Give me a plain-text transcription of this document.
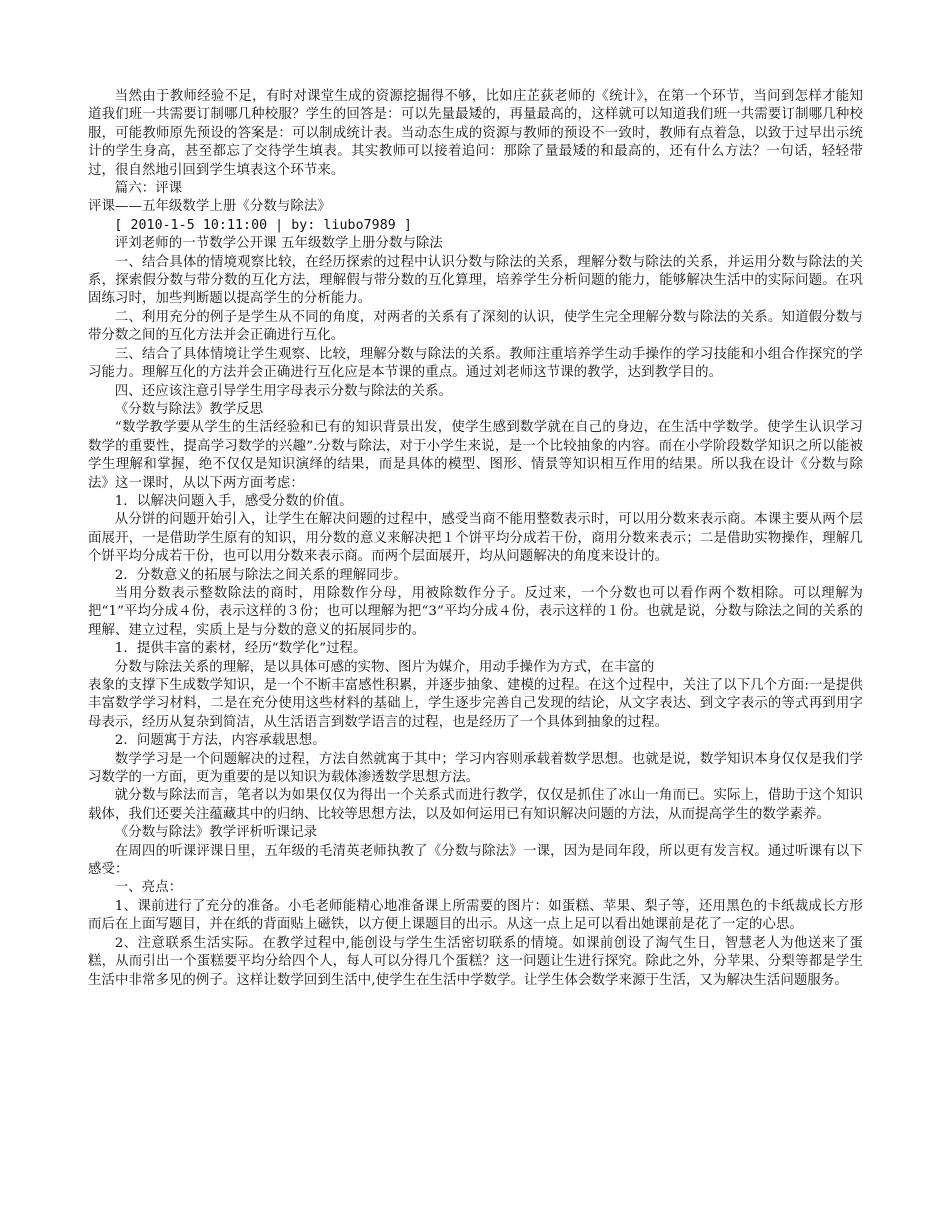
当然由于教师经验不足，有时对课堂生成的资源挖掘得不够，比如庄芷荻老师的《统计》，在第一个环节，当问到怎样才能知道我们班一共需要订制哪几种校服？学生的回答是：可以先量最矮的，再量最高的，这样就可以知道我们班一共需要订制哪几种校服，可能教师原先预设的答案是：可以制成统计表。当动态生成的资源与教师的预设不一致时，教师有点着急，以致于过早出示统计的学生身高，甚至都忘了交待学生填表。其实教师可以接着追问：那除了量最矮的和最高的，还有什么方法？一句话，轻轻带过，很自然地引回到学生填表这个环节来。

篇六：评课

评课——五年级数学上册《分数与除法》

[ 2010-1-5 10:11:00 | by: liubo7989 ]

评刘老师的一节数学公开课 五年级数学上册分数与除法

一、结合具体的情境观察比较，在经历探索的过程中认识分数与除法的关系，理解分数与除法的关系，并运用分数与除法的关系，探索假分数与带分数的互化方法，理解假与带分数的互化算理，培养学生分析问题的能力，能够解决生活中的实际问题。在巩固练习时，加些判断题以提高学生的分析能力。

二、利用充分的例子是学生从不同的角度，对两者的关系有了深刻的认识，使学生完全理解分数与除法的关系。知道假分数与带分数之间的互化方法并会正确进行互化。

三、结合了具体情境让学生观察、比较，理解分数与除法的关系。教师注重培养学生动手操作的学习技能和小组合作探究的学习能力。理解互化的方法并会正确进行互化应是本节课的重点。通过刘老师这节课的教学，达到教学目的。

四、还应该注意引导学生用字母表示分数与除法的关系。

《分数与除法》教学反思

“数学教学要从学生的生活经验和已有的知识背景出发，使学生感到数学就在自己的身边，在生活中学数学。使学生认识学习数学的重要性，提高学习数学的兴趣”.分数与除法，对于小学生来说，是一个比较抽象的内容。而在小学阶段数学知识之所以能被学生理解和掌握，绝不仅仅是知识演绎的结果，而是具体的模型、图形、情景等知识相互作用的结果。所以我在设计《分数与除法》这一课时，从以下两方面考虑：

1．以解决问题入手，感受分数的价值。

从分饼的问题开始引入，让学生在解决问题的过程中，感受当商不能用整数表示时，可以用分数来表示商。本课主要从两个层面展开，一是借助学生原有的知识，用分数的意义来解决把１个饼平均分成若干份，商用分数来表示；二是借助实物操作，理解几个饼平均分成若干份，也可以用分数来表示商。而两个层面展开，均从问题解决的角度来设计的。

2．分数意义的拓展与除法之间关系的理解同步。

当用分数表示整数除法的商时，用除数作分母，用被除数作分子。反过来，一个分数也可以看作两个数相除。可以理解为把“1”平均分成４份，表示这样的３份；也可以理解为把“3”平均分成４份，表示这样的１份。也就是说，分数与除法之间的关系的理解、建立过程，实质上是与分数的意义的拓展同步的。

1．提供丰富的素材，经历“数学化”过程。

分数与除法关系的理解，是以具体可感的实物、图片为媒介，用动手操作为方式，在丰富的

表象的支撑下生成数学知识，是一个不断丰富感性积累，并逐步抽象、建模的过程。在这个过程中，关注了以下几个方面:一是提供丰富数学学习材料，二是在充分使用这些材料的基础上，学生逐步完善自己发现的结论，从文字表达、到文字表示的等式再到用字母表示，经历从复杂到简洁，从生活语言到数学语言的过程，也是经历了一个具体到抽象的过程。

2．问题寓于方法，内容承载思想。

数学学习是一个问题解决的过程，方法自然就寓于其中；学习内容则承载着数学思想。也就是说，数学知识本身仅仅是我们学习数学的一方面，更为重要的是以知识为载体渗透数学思想方法。

就分数与除法而言，笔者以为如果仅仅为得出一个关系式而进行教学，仅仅是抓住了冰山一角而已。实际上，借助于这个知识载体，我们还要关注蕴藏其中的归纳、比较等思想方法，以及如何运用已有知识解决问题的方法，从而提高学生的数学素养。

《分数与除法》教学评析听课记录

在周四的听课评课日里，五年级的毛清英老师执教了《分数与除法》一课，因为是同年段，所以更有发言权。通过听课有以下感受：

一、亮点：

1、课前进行了充分的准备。小毛老师能精心地准备课上所需要的图片：如蛋糕、苹果、梨子等，还用黑色的卡纸裁成长方形而后在上面写题目，并在纸的背面贴上磁铁，以方便上课题目的出示。从这一点上足可以看出她课前是花了一定的心思。

2、注意联系生活实际。在教学过程中,能创设与学生生活密切联系的情境。如课前创设了淘气生日，智慧老人为他送来了蛋糕，从而引出一个蛋糕要平均分给四个人，每人可以分得几个蛋糕？这一问题让生进行探究。除此之外，分苹果、分梨等都是学生生活中非常多见的例子。这样让数学回到生活中,使学生在生活中学数学。让学生体会数学来源于生活，又为解决生活问题服务。
